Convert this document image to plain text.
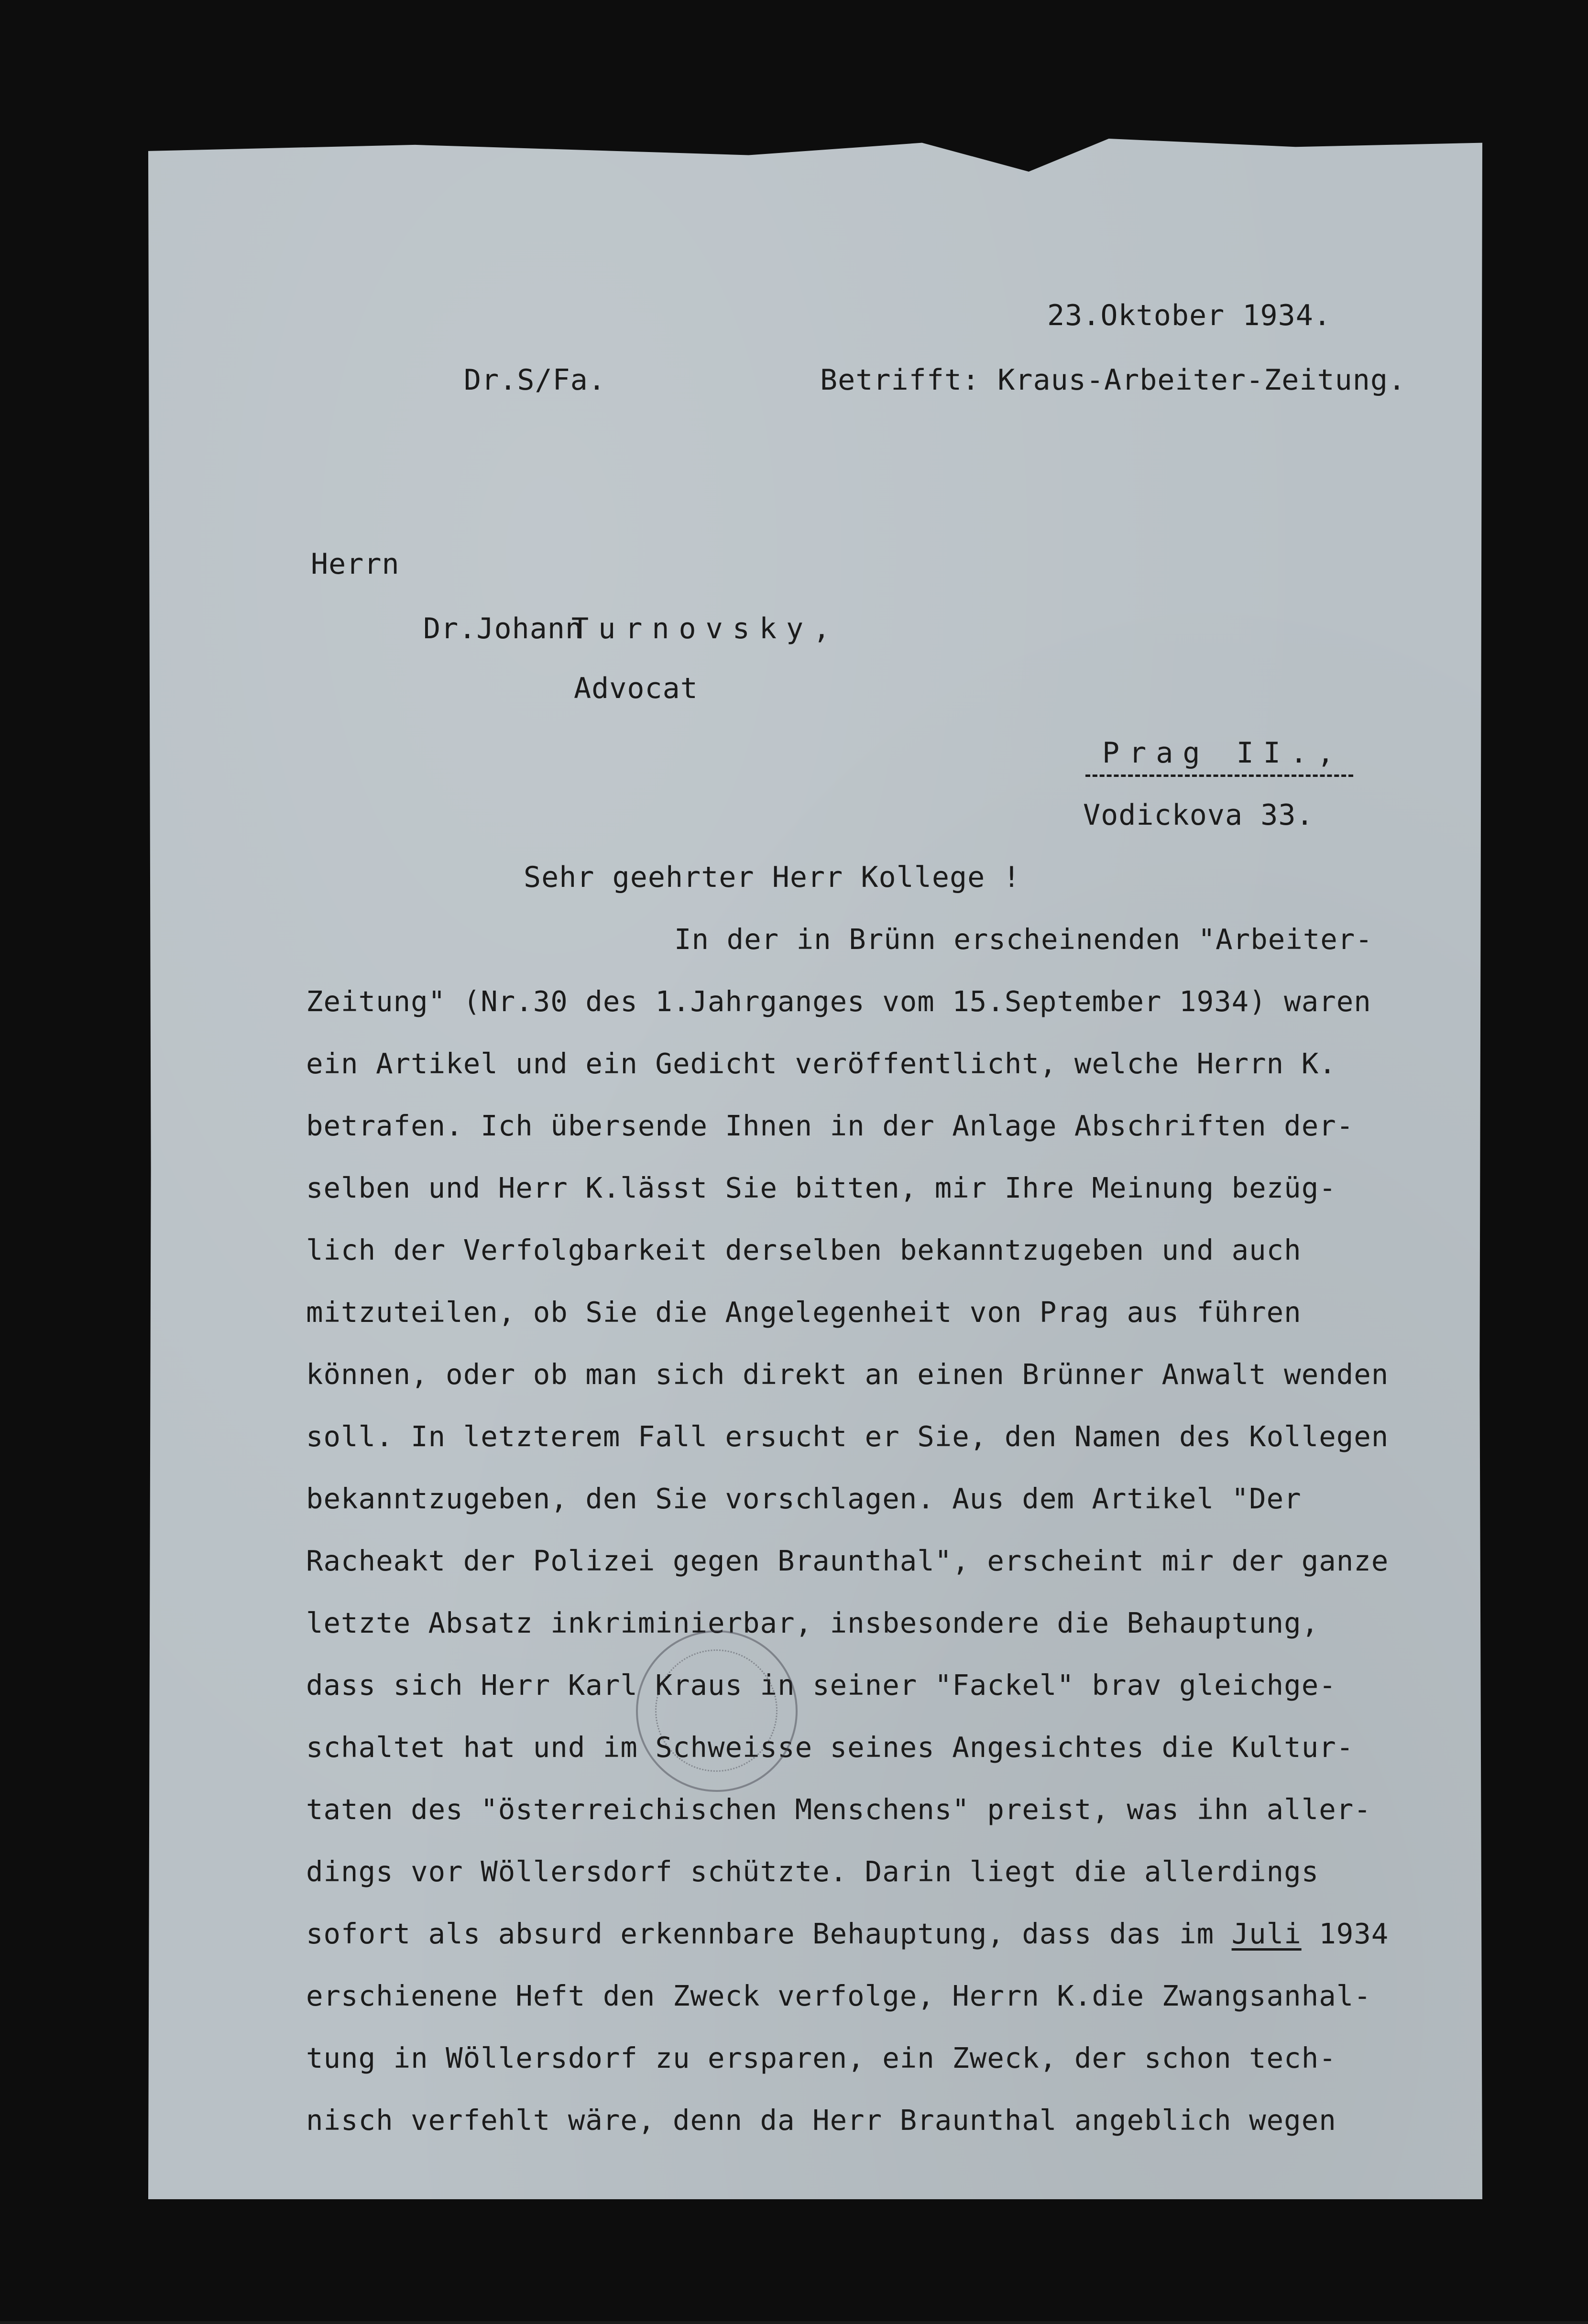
23.Oktober 1934.
Dr.S/Fa.	Betrifft: Kraus-Arbeiter-Zeitung.
Herrn
Dr.Johann
Turnovsky,
Advocat
Prag II.,
Vodickova 33.
Sehr geehrter Herr Kollege !
In der in Brünn erscheinenden "Arbeiter-
Zeitung" (Nr.30 des 1.Jahrganges vom 15.September 1934) waren
ein Artikel und ein Gedicht veröffentlicht, welche Herrn K.
betrafen. Ich übersende Ihnen in der Anlage Abschriften der-
selben und Herr K.lässt Sie bitten, mir Ihre Meinung bezüg-
lich der Verfolgbarkeit derselben bekanntzugeben und auch
mitzuteilen, ob Sie die Angelegenheit von Prag aus führen
können, oder ob man sich direkt an einen Brünner Anwalt wenden
soll. In letzterem Fall ersucht er Sie, den Namen des Kollegen
bekanntzugeben, den Sie vorschlagen. Aus dem Artikel "Der
Racheakt der Polizei gegen Braunthal", erscheint mir der ganze
letzte Absatz inkriminierbar, insbesondere die Behauptung,
dass sich Herr Karl Kraus in seiner "Fackel" brav gleichge-
schaltet hat und im Schweisse seines Angesichtes die Kultur-
taten des "österreichischen Menschens" preist, was ihn aller-
dings vor Wöllersdorf schützte. Darin liegt die allerdings
sofort als absurd erkennbare Behauptung, dass das im Juli 1934
erschienene Heft den Zweck verfolge, Herrn K.die Zwangsanhal-
tung in Wöllersdorf zu ersparen, ein Zweck, der schon tech-
nisch verfehlt wäre, denn da Herr Braunthal angeblich wegen
